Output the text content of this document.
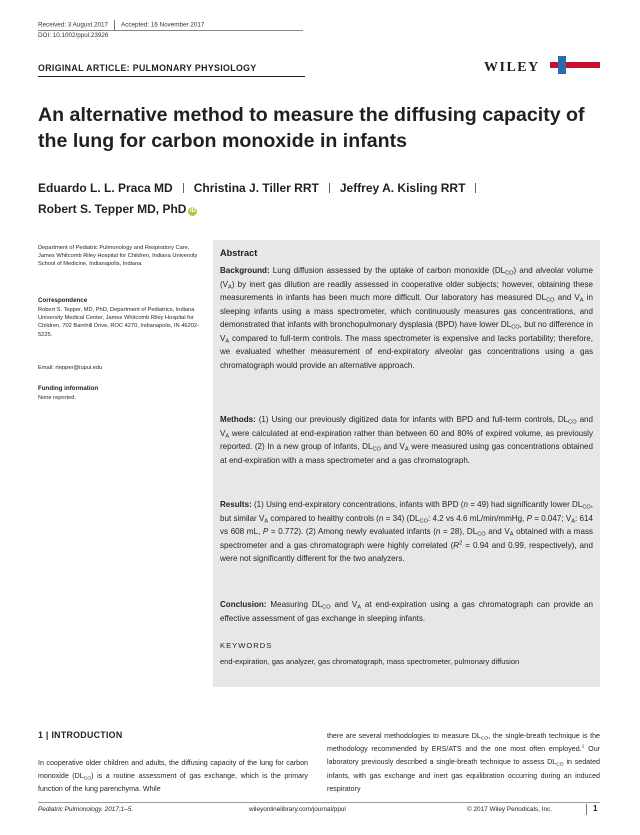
Received: 3 August 2017 Accepted: 16 November 2017
DOI: 10.1002/ppul.23926
ORIGINAL ARTICLE: PULMONARY PHYSIOLOGY	WILEY
An alternative method to measure the diffusing capacity of the lung for carbon monoxide in infants
Eduardo L. L. Praca MD Christina J. Tiller RRT Jeffrey A. Kisling RRT
Robert S. Tepper MD, PhD iD
Department of Pediatric Pulmonology and Respiratory Care, James Whitcomb Riley Hospital for Children, Indiana University School of Medicine, Indianapolis, Indiana
Correspondence
Robert S. Tepper, MD, PhD, Department of Pediatrics, Indiana University Medical Center, James Whitcomb Riley Hospital for Children, 702 Barnhill Drive, ROC 4270, Indianapolis, IN 46202-5225.
Email: rtepper@iupui.edu
Funding information
None reported.
Abstract
Background: Lung diffusion assessed by the uptake of carbon monoxide $(DL_{CO})$ and alveolar volume $(V_A)$ by inert gas dilution are readily assessed in cooperative older subjects; however, obtaining these measurements in infants has been much more difficult. Our laboratory has measured $DL_{CO}$ and $V_A$ in sleeping infants using a mass spectrometer, which continuously measures gas concentrations, and demonstrated that infants with bronchopulmonary dysplasia (BPD) have lower $DL_{CO}$, but no difference in $V_A$ compared to full-term controls. The mass spectrometer is expensive and lacks portability; therefore, we evaluated whether measurement of end-expiratory alveolar gas concentrations using a gas chromatograph would provide an alternative approach.
Methods: (1) Using our previously digitized data for infants with BPD and full-term controls, $DL_{CO}$ and $V_A$ were calculated at end-expiration rather than between 60 and 80% of expired volume, as previously reported. (2) In a new group of infants, $DL_{CO}$ and $V_A$ were measured using gas concentrations obtained at end-expiration with a mass spectrometer and a gas chromatograph.
Results: (1) Using end-expiratory concentrations, infants with BPD (n = 49) had significantly lower $DL_{CO}$, but similar $V_A$ compared to healthy controls (n = 34) ($DL_{CO}$: 4.2 vs 4.6 mL/min/mmHg, P = 0.047; $V_A$: 614 vs 608 mL, P = 0.772). (2) Among newly evaluated infants (n = 28), $DL_{CO}$ and $V_A$ obtained with a mass spectrometer and a gas chromatograph were highly correlated ($R^2 = 0.94$ and 0.99, respectively), and were not significantly different for the two analyzers.
Conclusion: Measuring $DL_{CO}$ and $V_A$ at end-expiration using a gas chromatograph can provide an effective assessment of gas exchange in sleeping infants.
KEYWORDS
end-expiration, gas analyzer, gas chromatograph, mass spectrometer, pulmonary diffusion
1 | INTRODUCTION
In cooperative older children and adults, the diffusing capacity of the lung for carbon monoxide $(DL_{CO})$ is a routine assessment of gas exchange, which is the primary function of the lung parenchyma. While
there are several methodologies to measure $DL_{CO}$, the single-breath technique is the methodology recommended by ERS/ATS and the one most often employed.$^1$ Our laboratory previously described a single-breath technique to assess $DL_{CO}$ in sedated infants, with gas exchange and inert gas equilibration occurring during an induced respiratory
Pediatric Pulmonology. 2017;1–5.	wileyonlinelibrary.com/journal/ppul	© 2017 Wiley Periodicals, Inc.	1
